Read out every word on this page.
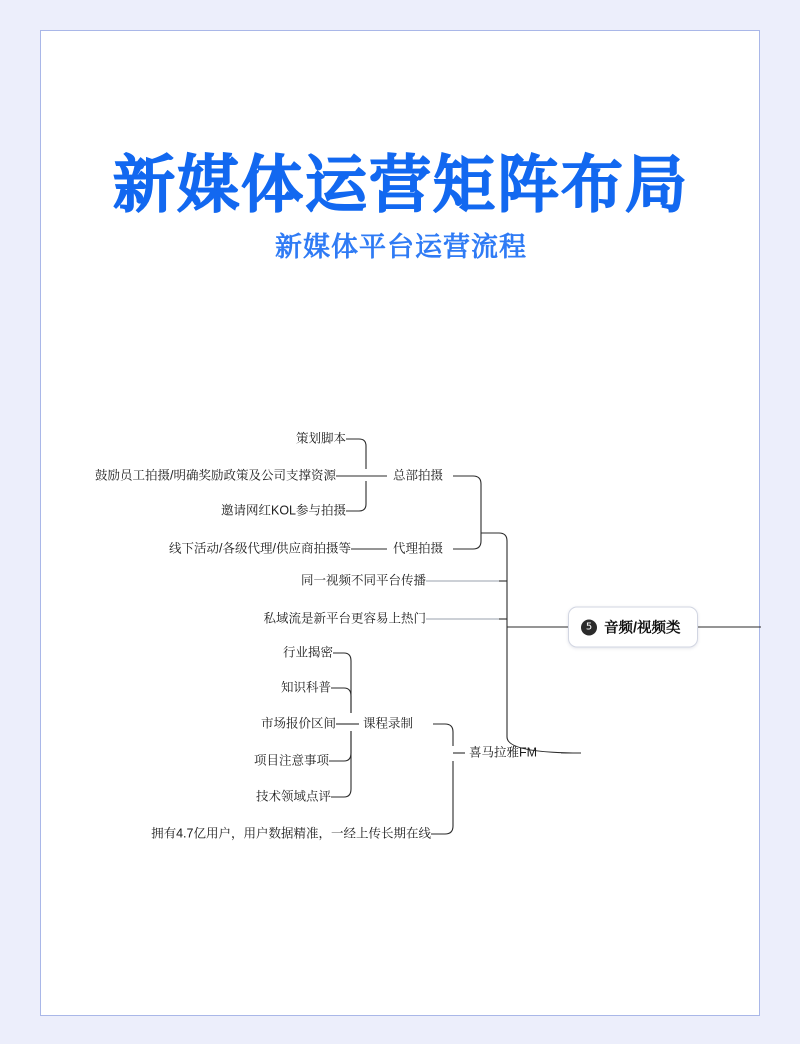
新媒体运营矩阵布局
新媒体平台运营流程
策划脚本
鼓励员工拍摄/明确奖励政策及公司支撑资源
邀请网红KOL参与拍摄
总部拍摄
线下活动/各级代理/供应商拍摄等	代理拍摄
同一视频不同平台传播
私域流是新平台更容易上热门
行业揭密
知识科普
市场报价区间
项目注意事项
技术领域点评
课程录制
拥有4.7亿用户，用户数据精准，一经上传长期在线
喜马拉雅FM
5 音频/视频类
